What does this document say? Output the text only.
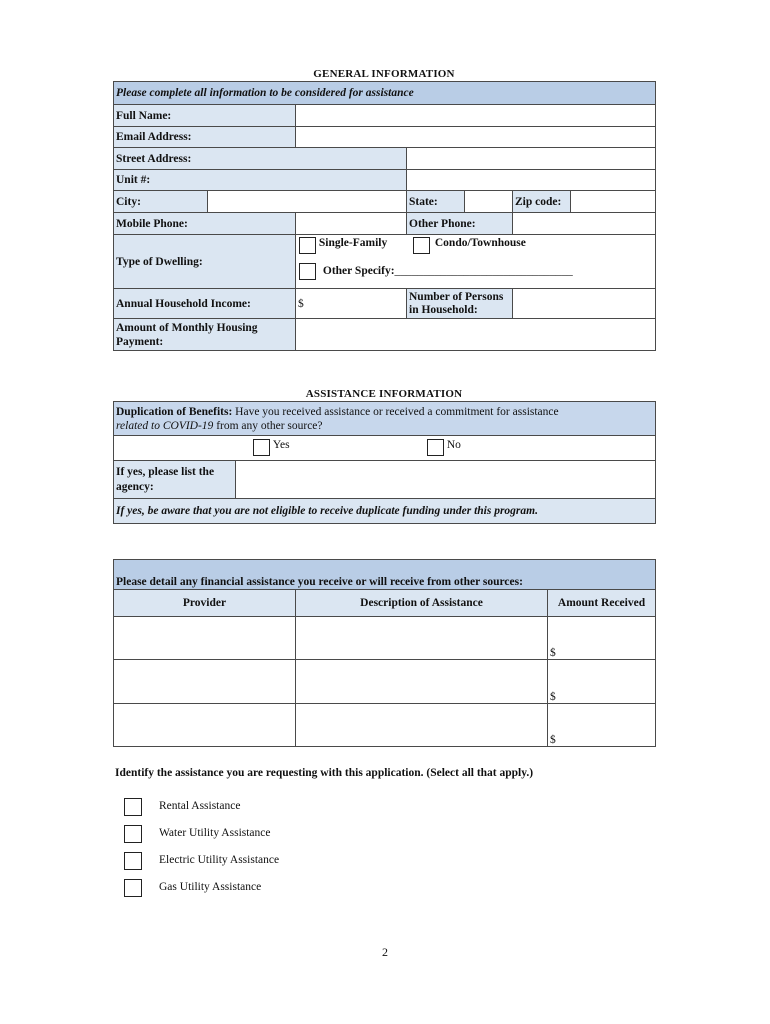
GENERAL INFORMATION
Please complete all information to be considered for assistance						
Full Name:						
Email Address:						
Street Address:						
Unit #:						
City:			State:		Zip code:	
Mobile Phone:			Other Phone:			
Type of Dwelling:		Single-Family Condo/Townhouse
Other Specify:_______________________________				

Annual Household Income:		$	Number of Persons in Household:			
Amount of Monthly Housing Payment:						
ASSISTANCE INFORMATION
Duplication of Benefits: Have you received assistance or received a commitment for assistance
related to COVID-19 from any other source?

Yes	No

If yes, please list the agency:	
If yes, be aware that you are not eligible to receive duplicate funding under this program.
Please detail any financial assistance you receive or will receive from other sources:		
Provider	Description of Assistance	Amount Received
		$
		$
		$
Identify the assistance you are requesting with this application. (Select all that apply.)
Rental Assistance
Water Utility Assistance
Electric Utility Assistance
Gas Utility Assistance
2
